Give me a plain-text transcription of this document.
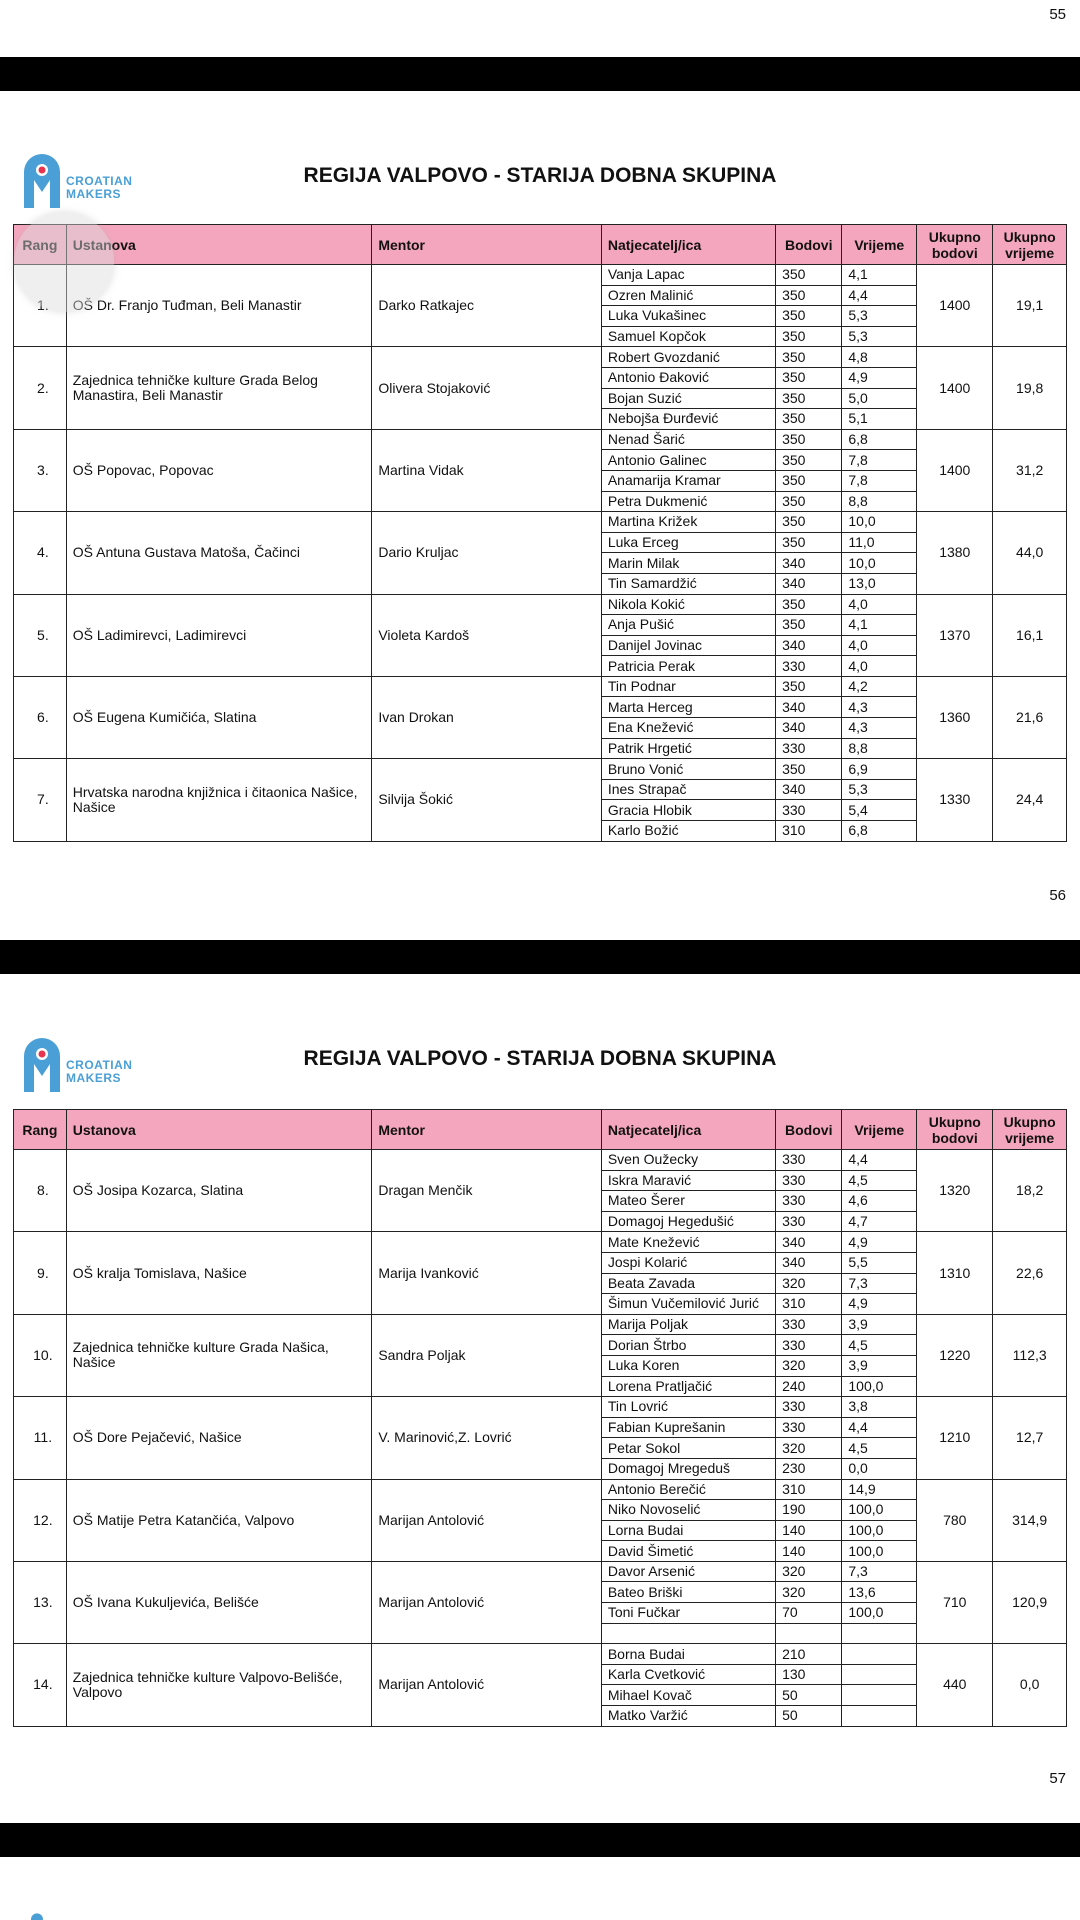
55
CROATIAN
MAKERS
REGIJA VALPOVO - STARIJA DOBNA SKUPINA
Rang	Ustanova	Mentor	Natjecatelj/ica	Bodovi	Vrijeme	Ukupno bodovi	Ukupno vrijeme
1.	OŠ Dr. Franjo Tuđman, Beli Manastir	Darko Ratkajec	Vanja Lapac	350	4,1	1400	19,1
			Ozren Malinić	350	4,4		
			Luka Vukašinec	350	5,3		
			Samuel Kopčok	350	5,3		
2.	Zajednica tehničke kulture Grada Belog Manastira, Beli Manastir	Olivera Stojaković	Robert Gvozdanić	350	4,8	1400	19,8
			Antonio Đaković	350	4,9		
			Bojan Suzić	350	5,0		
			Nebojša Đurđević	350	5,1		
3.	OŠ Popovac, Popovac	Martina Vidak	Nenad Šarić	350	6,8	1400	31,2
			Antonio Galinec	350	7,8		
			Anamarija Kramar	350	7,8		
			Petra Dukmenić	350	8,8		
4.	OŠ Antuna Gustava Matoša, Čačinci	Dario Kruljac	Martina Križek	350	10,0	1380	44,0
			Luka Erceg	350	11,0		
			Marin Milak	340	10,0		
			Tin Samardžić	340	13,0		
5.	OŠ Ladimirevci, Ladimirevci	Violeta Kardoš	Nikola Kokić	350	4,0	1370	16,1
			Anja Pušić	350	4,1		
			Danijel Jovinac	340	4,0		
			Patricia Perak	330	4,0		
6.	OŠ Eugena Kumičića, Slatina	Ivan Drokan	Tin Podnar	350	4,2	1360	21,6
			Marta Herceg	340	4,3		
			Ena Knežević	340	4,3		
			Patrik Hrgetić	330	8,8		
7.	Hrvatska narodna knjižnica i čitaonica Našice, Našice	Silvija Šokić	Bruno Vonić	350	6,9	1330	24,4
			Ines Strapač	340	5,3		
			Gracia Hlobik	330	5,4		
			Karlo Božić	310	6,8		
56
CROATIAN
MAKERS
REGIJA VALPOVO - STARIJA DOBNA SKUPINA
Rang	Ustanova	Mentor	Natjecatelj/ica	Bodovi	Vrijeme	Ukupno bodovi	Ukupno vrijeme
8.	OŠ Josipa Kozarca, Slatina	Dragan Menčik	Sven Oužecky	330	4,4	1320	18,2
			Iskra Maravić	330	4,5		
			Mateo Šerer	330	4,6		
			Domagoj Hegedušić	330	4,7		
9.	OŠ kralja Tomislava, Našice	Marija Ivanković	Mate Knežević	340	4,9	1310	22,6
			Jospi Kolarić	340	5,5		
			Beata Zavada	320	7,3		
			Šimun Vučemilović Jurić	310	4,9		
10.	Zajednica tehničke kulture Grada Našica, Našice	Sandra Poljak	Marija Poljak	330	3,9	1220	112,3
			Dorian Štrbo	330	4,5		
			Luka Koren	320	3,9		
			Lorena Pratljačić	240	100,0		
11.	OŠ Dore Pejačević, Našice	V. Marinović,Z. Lovrić	Tin Lovrić	330	3,8	1210	12,7
			Fabian Kuprešanin	330	4,4		
			Petar Sokol	320	4,5		
			Domagoj Mregeduš	230	0,0		
12.	OŠ Matije Petra Katančića, Valpovo	Marijan Antolović	Antonio Berečić	310	14,9	780	314,9
			Niko Novoselić	190	100,0		
			Lorna Budai	140	100,0		
			David Šimetić	140	100,0		
13.	OŠ Ivana Kukuljevića, Belišće	Marijan Antolović	Davor Arsenić	320	7,3	710	120,9
			Bateo Briški	320	13,6		
			Toni Fučkar	70	100,0		

14.	Zajednica tehničke kulture Valpovo-Belišće, Valpovo	Marijan Antolović	Borna Budai	210		440	0,0
			Karla Cvetković	130			
			Mihael Kovač	50			
			Matko Varžić	50			
57
